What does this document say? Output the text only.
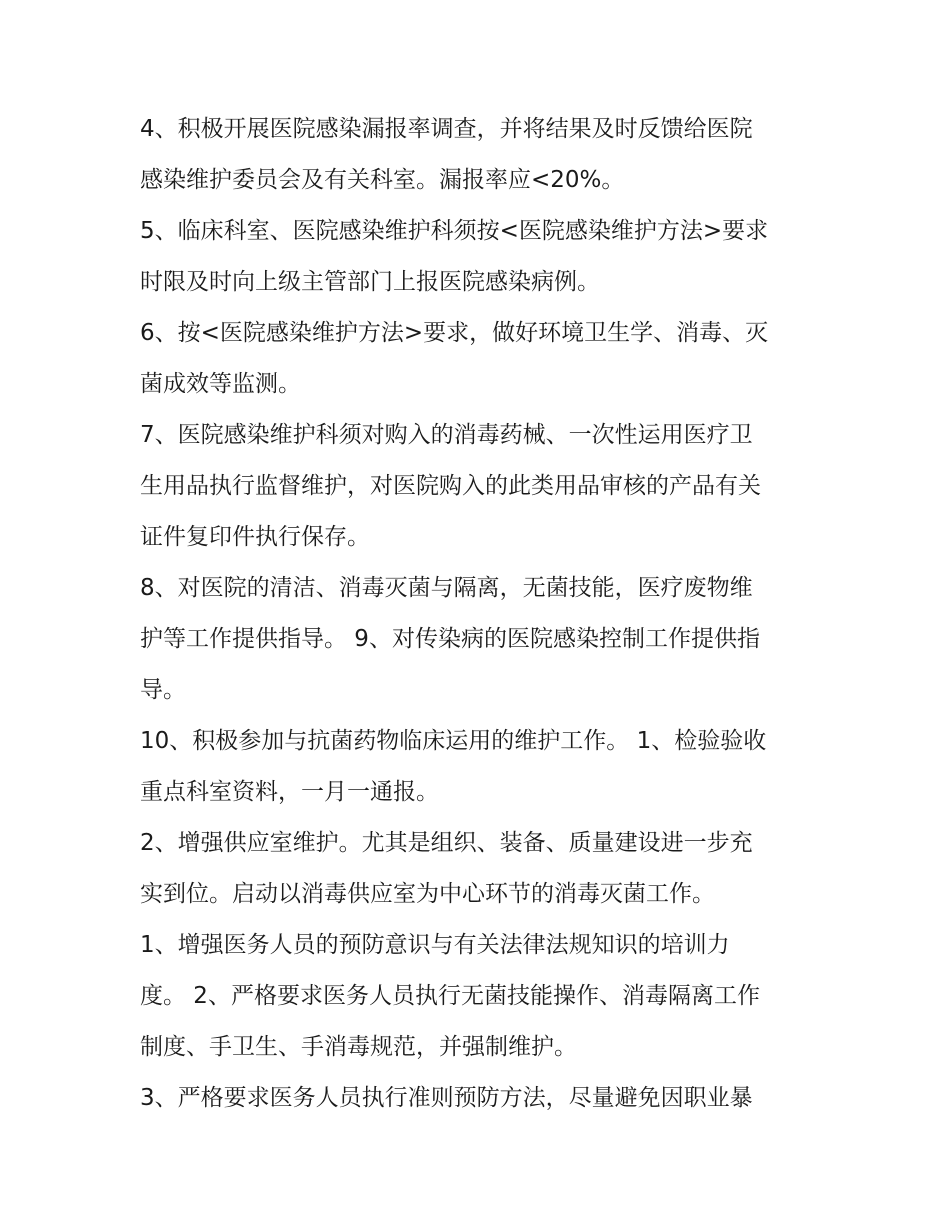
4、积极开展医院感染漏报率调查，并将结果及时反馈给医院
感染维护委员会及有关科室。漏报率应<20%。

5、临床科室、医院感染维护科须按<医院感染维护方法>要求
时限及时向上级主管部门上报医院感染病例。

6、按<医院感染维护方法>要求，做好环境卫生学、消毒、灭
菌成效等监测。

7、医院感染维护科须对购入的消毒药械、一次性运用医疗卫
生用品执行监督维护，对医院购入的此类用品审核的产品有关
证件复印件执行保存。

8、对医院的清洁、消毒灭菌与隔离，无菌技能，医疗废物维
护等工作提供指导。 9、对传染病的医院感染控制工作提供指
导。

10、积极参加与抗菌药物临床运用的维护工作。 1、检验验收
重点科室资料，一月一通报。

2、增强供应室维护。尤其是组织、装备、质量建设进一步充
实到位。启动以消毒供应室为中心环节的消毒灭菌工作。

1、增强医务人员的预防意识与有关法律法规知识的培训力
度。 2、严格要求医务人员执行无菌技能操作、消毒隔离工作
制度、手卫生、手消毒规范，并强制维护。

3、严格要求医务人员执行准则预防方法，尽量避免因职业暴
